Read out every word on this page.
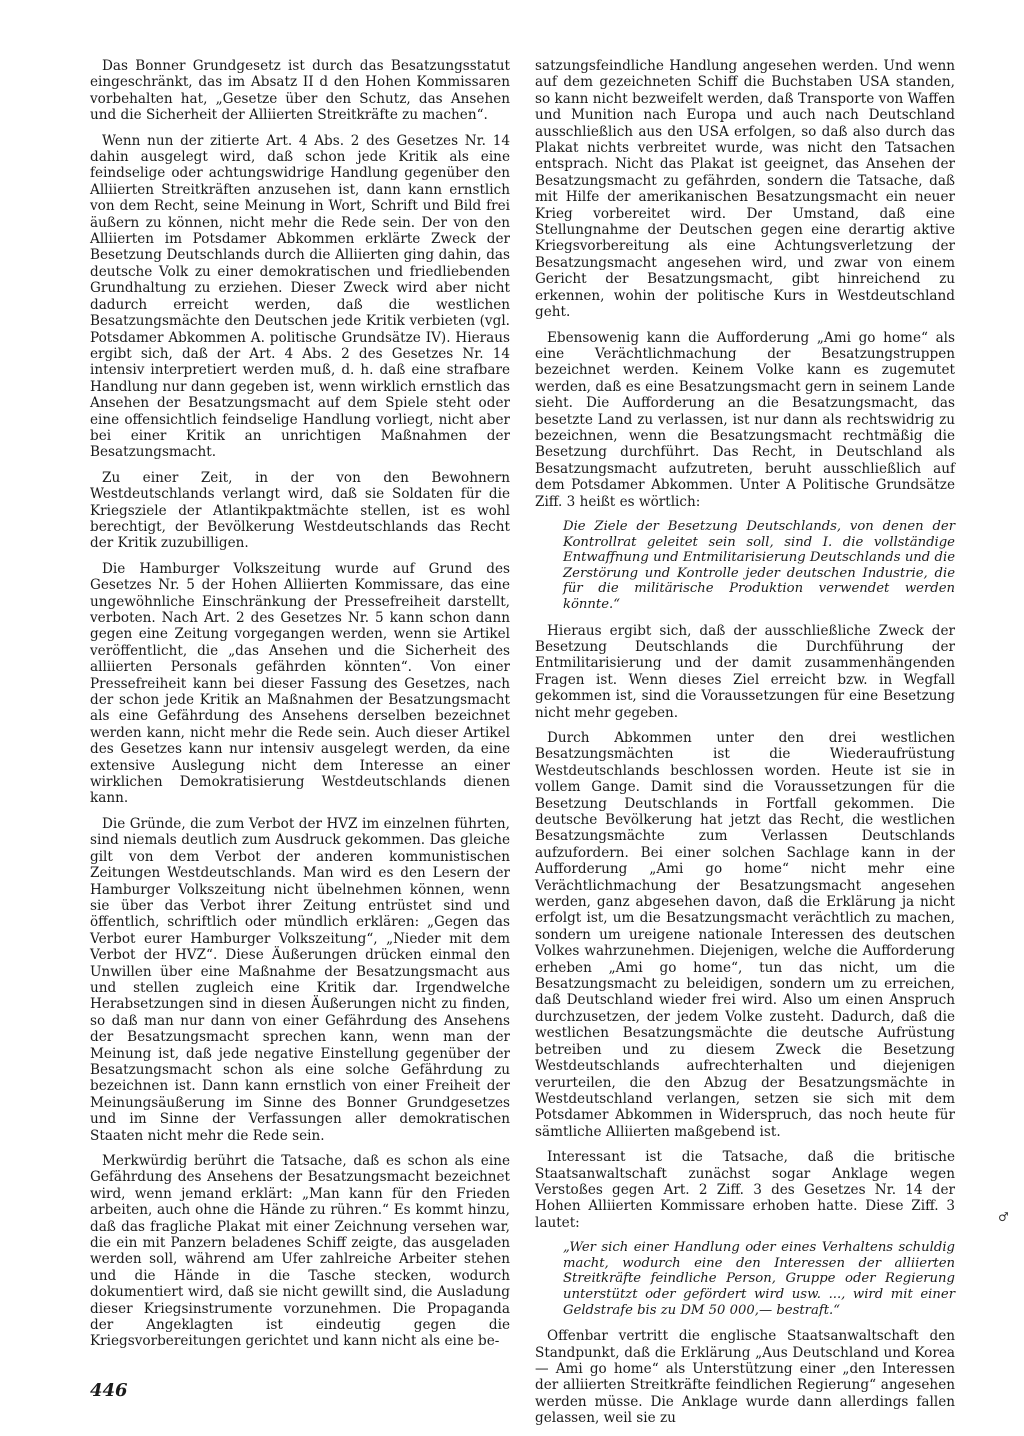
Das Bonner Grundgesetz ist durch das Besatzungsstatut eingeschränkt, das im Absatz II d den Hohen Kommissaren vorbehalten hat, „Gesetze über den Schutz, das Ansehen und die Sicherheit der Alliierten Streitkräfte zu machen“.

Wenn nun der zitierte Art. 4 Abs. 2 des Gesetzes Nr. 14 dahin ausgelegt wird, daß schon jede Kritik als eine feindselige oder achtungswidrige Handlung gegenüber den Alliierten Streitkräften anzusehen ist, dann kann ernstlich von dem Recht, seine Meinung in Wort, Schrift und Bild frei äußern zu können, nicht mehr die Rede sein. Der von den Alliierten im Potsdamer Abkommen erklärte Zweck der Besetzung Deutschlands durch die Alliierten ging dahin, das deutsche Volk zu einer demokratischen und friedliebenden Grundhaltung zu erziehen. Dieser Zweck wird aber nicht dadurch erreicht werden, daß die westlichen Besatzungsmächte den Deutschen jede Kritik verbieten (vgl. Potsdamer Abkommen A. politische Grundsätze IV). Hieraus ergibt sich, daß der Art. 4 Abs. 2 des Gesetzes Nr. 14 intensiv interpretiert werden muß, d. h. daß eine strafbare Handlung nur dann gegeben ist, wenn wirklich ernstlich das Ansehen der Besatzungsmacht auf dem Spiele steht oder eine offensichtlich feindselige Handlung vorliegt, nicht aber bei einer Kritik an unrichtigen Maßnahmen der Besatzungsmacht.

Zu einer Zeit, in der von den Bewohnern Westdeutschlands verlangt wird, daß sie Soldaten für die Kriegsziele der Atlantikpaktmächte stellen, ist es wohl berechtigt, der Bevölkerung Westdeutschlands das Recht der Kritik zuzubilligen.

Die Hamburger Volkszeitung wurde auf Grund des Gesetzes Nr. 5 der Hohen Alliierten Kommissare, das eine ungewöhnliche Einschränkung der Pressefreiheit darstellt, verboten. Nach Art. 2 des Gesetzes Nr. 5 kann schon dann gegen eine Zeitung vorgegangen werden, wenn sie Artikel veröffentlicht, die „das Ansehen und die Sicherheit des alliierten Personals gefährden könnten“. Von einer Pressefreiheit kann bei dieser Fassung des Gesetzes, nach der schon jede Kritik an Maßnahmen der Besatzungsmacht als eine Gefährdung des Ansehens derselben bezeichnet werden kann, nicht mehr die Rede sein. Auch dieser Artikel des Gesetzes kann nur intensiv ausgelegt werden, da eine extensive Auslegung nicht dem Interesse an einer wirklichen Demokratisierung Westdeutschlands dienen kann.

Die Gründe, die zum Verbot der HVZ im einzelnen führten, sind niemals deutlich zum Ausdruck gekommen. Das gleiche gilt von dem Verbot der anderen kommunistischen Zeitungen Westdeutschlands. Man wird es den Lesern der Hamburger Volkszeitung nicht übelnehmen können, wenn sie über das Verbot ihrer Zeitung entrüstet sind und öffentlich, schriftlich oder mündlich erklären: „Gegen das Verbot eurer Hamburger Volkszeitung“, „Nieder mit dem Verbot der HVZ“. Diese Äußerungen drücken einmal den Unwillen über eine Maßnahme der Besatzungsmacht aus und stellen zugleich eine Kritik dar. Irgendwelche Herabsetzungen sind in diesen Äußerungen nicht zu finden, so daß man nur dann von einer Gefährdung des Ansehens der Besatzungsmacht sprechen kann, wenn man der Meinung ist, daß jede negative Einstellung gegenüber der Besatzungsmacht schon als eine solche Gefährdung zu bezeichnen ist. Dann kann ernstlich von einer Freiheit der Meinungsäußerung im Sinne des Bonner Grundgesetzes und im Sinne der Verfassungen aller demokratischen Staaten nicht mehr die Rede sein.

Merkwürdig berührt die Tatsache, daß es schon als eine Gefährdung des Ansehens der Besatzungsmacht bezeichnet wird, wenn jemand erklärt: „Man kann für den Frieden arbeiten, auch ohne die Hände zu rühren.“ Es kommt hinzu, daß das fragliche Plakat mit einer Zeichnung versehen war, die ein mit Panzern beladenes Schiff zeigte, das ausgeladen werden soll, während am Ufer zahlreiche Arbeiter stehen und die Hände in die Tasche stecken, wodurch dokumentiert wird, daß sie nicht gewillt sind, die Ausladung dieser Kriegsinstrumente vorzunehmen. Die Propaganda der Angeklagten ist eindeutig gegen die Kriegsvorbereitungen gerichtet und kann nicht als eine be-

satzungsfeindliche Handlung angesehen werden. Und wenn auf dem gezeichneten Schiff die Buchstaben USA standen, so kann nicht bezweifelt werden, daß Transporte von Waffen und Munition nach Europa und auch nach Deutschland ausschließlich aus den USA erfolgen, so daß also durch das Plakat nichts verbreitet wurde, was nicht den Tatsachen entsprach. Nicht das Plakat ist geeignet, das Ansehen der Besatzungsmacht zu gefährden, sondern die Tatsache, daß mit Hilfe der amerikanischen Besatzungsmacht ein neuer Krieg vorbereitet wird. Der Umstand, daß eine Stellungnahme der Deutschen gegen eine derartig aktive Kriegsvorbereitung als eine Achtungsverletzung der Besatzungsmacht angesehen wird, und zwar von einem Gericht der Besatzungsmacht, gibt hinreichend zu erkennen, wohin der politische Kurs in Westdeutschland geht.

Ebensowenig kann die Aufforderung „Ami go home“ als eine Verächtlichmachung der Besatzungstruppen bezeichnet werden. Keinem Volke kann es zugemutet werden, daß es eine Besatzungsmacht gern in seinem Lande sieht. Die Aufforderung an die Besatzungsmacht, das besetzte Land zu verlassen, ist nur dann als rechtswidrig zu bezeichnen, wenn die Besatzungsmacht rechtmäßig die Besetzung durchführt. Das Recht, in Deutschland als Besatzungsmacht aufzutreten, beruht ausschließlich auf dem Potsdamer Abkommen. Unter A Politische Grundsätze Ziff. 3 heißt es wörtlich:

Die Ziele der Besetzung Deutschlands, von denen der Kontrollrat geleitet sein soll, sind I. die vollständige Entwaffnung und Entmilitarisierung Deutschlands und die Zerstörung und Kontrolle jeder deutschen Industrie, die für die militärische Produktion verwendet werden könnte.“

Hieraus ergibt sich, daß der ausschließliche Zweck der Besetzung Deutschlands die Durchführung der Entmilitarisierung und der damit zusammenhängenden Fragen ist. Wenn dieses Ziel erreicht bzw. in Wegfall gekommen ist, sind die Voraussetzungen für eine Besetzung nicht mehr gegeben.

Durch Abkommen unter den drei westlichen Besatzungsmächten ist die Wiederaufrüstung Westdeutschlands beschlossen worden. Heute ist sie in vollem Gange. Damit sind die Voraussetzungen für die Besetzung Deutschlands in Fortfall gekommen. Die deutsche Bevölkerung hat jetzt das Recht, die westlichen Besatzungsmächte zum Verlassen Deutschlands aufzufordern. Bei einer solchen Sachlage kann in der Aufforderung „Ami go home“ nicht mehr eine Verächtlichmachung der Besatzungsmacht angesehen werden, ganz abgesehen davon, daß die Erklärung ja nicht erfolgt ist, um die Besatzungsmacht verächtlich zu machen, sondern um ureigene nationale Interessen des deutschen Volkes wahrzunehmen. Diejenigen, welche die Aufforderung erheben „Ami go home“, tun das nicht, um die Besatzungsmacht zu beleidigen, sondern um zu erreichen, daß Deutschland wieder frei wird. Also um einen Anspruch durchzusetzen, der jedem Volke zusteht. Dadurch, daß die westlichen Besatzungsmächte die deutsche Aufrüstung betreiben und zu diesem Zweck die Besetzung Westdeutschlands aufrechterhalten und diejenigen verurteilen, die den Abzug der Besatzungsmächte in Westdeutschland verlangen, setzen sie sich mit dem Potsdamer Abkommen in Widerspruch, das noch heute für sämtliche Alliierten maßgebend ist.

Interessant ist die Tatsache, daß die britische Staatsanwaltschaft zunächst sogar Anklage wegen Verstoßes gegen Art. 2 Ziff. 3 des Gesetzes Nr. 14 der Hohen Alliierten Kommissare erhoben hatte. Diese Ziff. 3 lautet:

„Wer sich einer Handlung oder eines Verhaltens schuldig macht, wodurch eine den Interessen der alliierten Streitkräfte feindliche Person, Gruppe oder Regierung unterstützt oder gefördert wird usw. ..., wird mit einer Geldstrafe bis zu DM 50 000,— bestraft.“

Offenbar vertritt die englische Staatsanwaltschaft den Standpunkt, daß die Erklärung „Aus Deutschland und Korea — Ami go home“ als Unterstützung einer „den Interessen der alliierten Streitkräfte feindlichen Regierung“ angesehen werden müsse. Die Anklage wurde dann allerdings fallen gelassen, weil sie zu

446
♂
